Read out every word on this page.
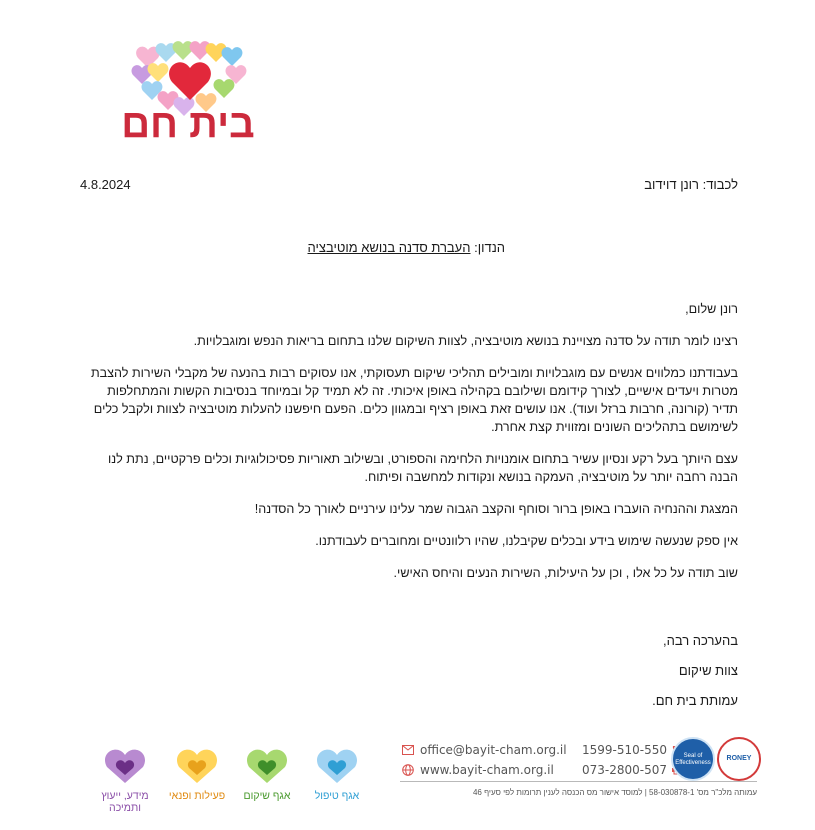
בית חם
4.8.2024	לכבוד: רונן דוידוב
הנדון: העברת סדנה בנושא מוטיבציה

רונן שלום,

רצינו לומר תודה על סדנה מצויינת בנושא מוטיבציה, לצוות השיקום שלנו בתחום בריאות הנפש ומוגבלויות.

בעבודתנו כמלווים אנשים עם מוגבלויות ומובילים תהליכי שיקום תעסוקתי, אנו עסוקים רבות בהנעה של מקבלי השירות להצבת מטרות ויעדים אישיים, לצורך קידומם ושילובם בקהילה באופן איכותי. זה לא תמיד קל ובמיוחד בנסיבות הקשות והמתחלפות תדיר (קורונה, חרבות ברזל ועוד). אנו עושים זאת באופן רציף ובמגוון כלים. הפעם חיפשנו להעלות מוטיבציה לצוות ולקבל כלים לשימושם בתהליכים השונים ומזווית קצת אחרת.

עצם היותך בעל רקע ונסיון עשיר בתחום אומנויות הלחימה והספורט, ובשילוב תאוריות פסיכולוגיות וכלים פרקטיים, נתת לנו הבנה רחבה יותר על מוטיבציה, העמקה בנושא ונקודות למחשבה ופיתוח.

המצגת וההנחיה הועברו באופן ברור וסוחף והקצב הגבוה שמר עלינו עירניים לאורך כל הסדנה!

אין ספק שנעשה שימוש בידע ובכלים שקיבלנו, שהיו רלוונטיים ומחוברים לעבודתנו.

שוב תודה על כל אלו , וכן על היעילות, השירות הנעים והיחס האישי.

בהערכה רבה,
צוות שיקום
עמותת בית חם.
מידע, ייעוץ ותמיכה
פעילות ופנאי	אגף שיקום	אגף טיפול
office@bayit-cham.org.il
www.bayit-cham.org.il
1599-510-550
073-2800-507
Seal of Effectiveness
RONEY
עמותה מלכ"ר מס' 58-030878-1 | למוסד אישור מס הכנסה לענין תרומות לפי סעיף 46
